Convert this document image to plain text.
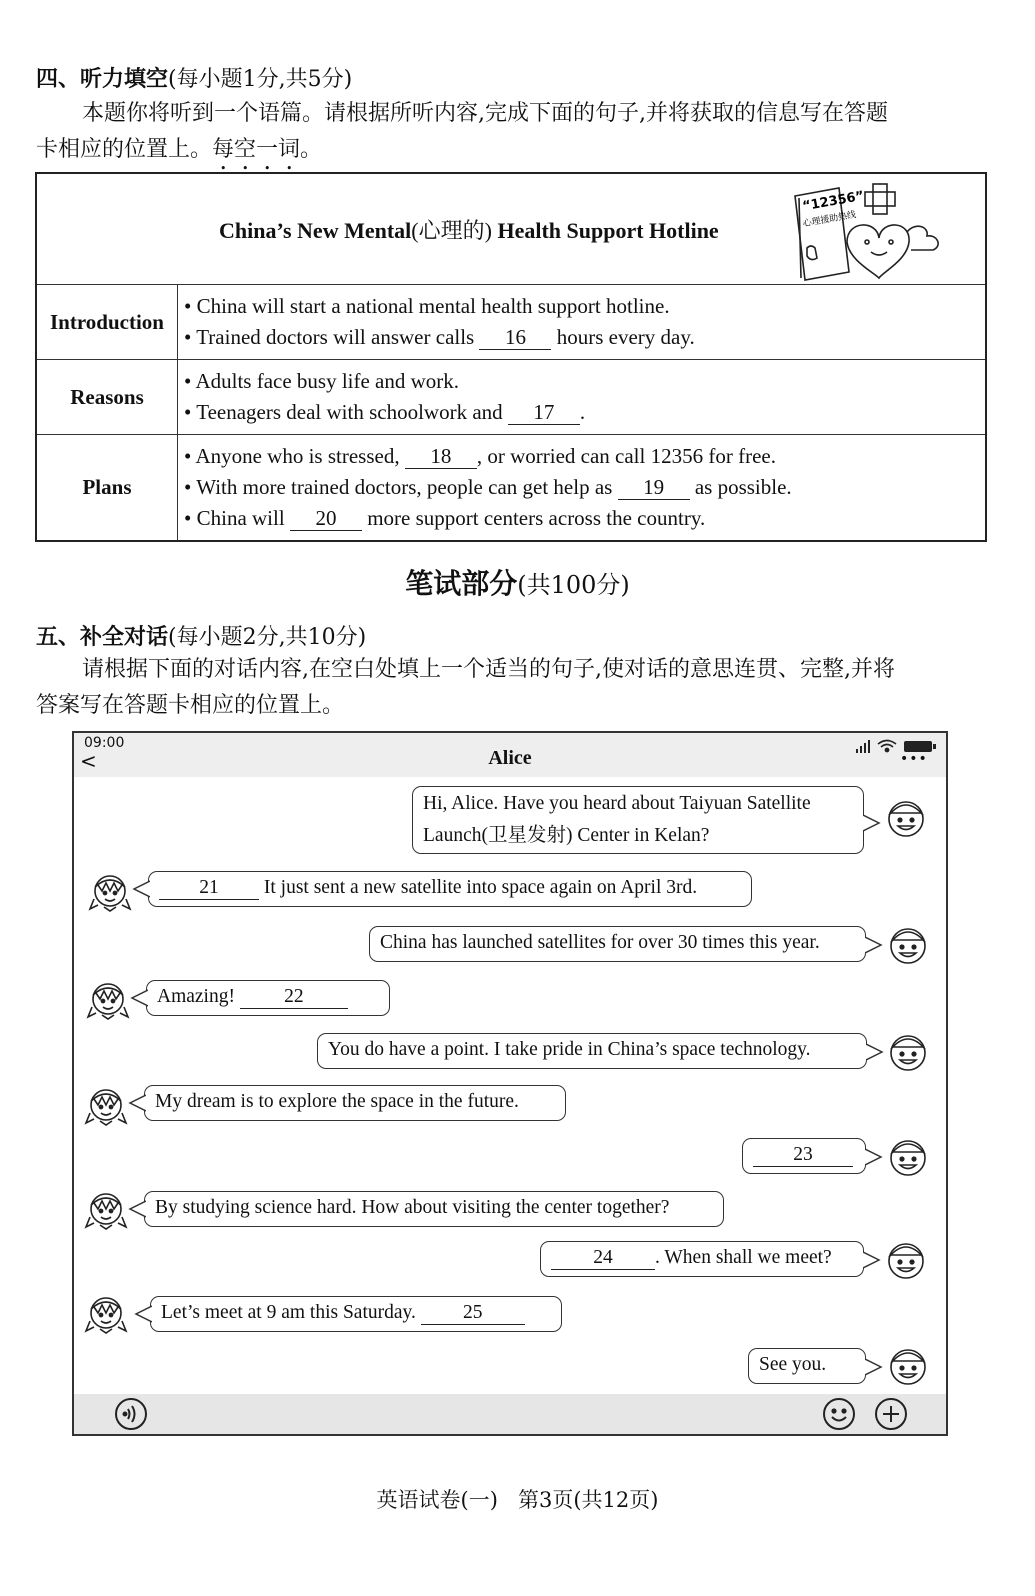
四、听力填空(每小题1分,共5分)
本题你将听到一个语篇。请根据所听内容,完成下面的句子,并将获取的信息写在答题
卡相应的位置上。每空一词。
China’s New Mental(心理的) Health Support Hotline
“12356”
心理援助热线	

Introduction	• China will start a national mental health support hotline.
• Trained doctors will answer calls 16 hours every day.

Reasons	• Adults face busy life and work.
• Teenagers deal with schoolwork and 17 .

Plans	• Anyone who is stressed, 18 , or worried can call 12356 for free.
• With more trained doctors, people can get help as 19 as possible.
• China will 20 more support centers across the country.
笔试部分(共100分)
五、补全对话(每小题2分,共10分)
请根据下面的对话内容,在空白处填上一个适当的句子,使对话的意思连贯、完整,并将
答案写在答题卡相应的位置上。
09:00
<	Alice	•••
Hi, Alice. Have you heard about Taiyuan Satellite
Launch(卫星发射) Center in Kelan?
21 It just sent a new satellite into space again on April 3rd.
China has launched satellites for over 30 times this year.
Amazing! 22
You do have a point. I take pride in China’s space technology.
My dream is to explore the space in the future.
23
By studying science hard. How about visiting the center together?
24 . When shall we meet?
Let’s meet at 9 am this Saturday. 25
See you.
英语试卷(一)   第3页(共12页)
